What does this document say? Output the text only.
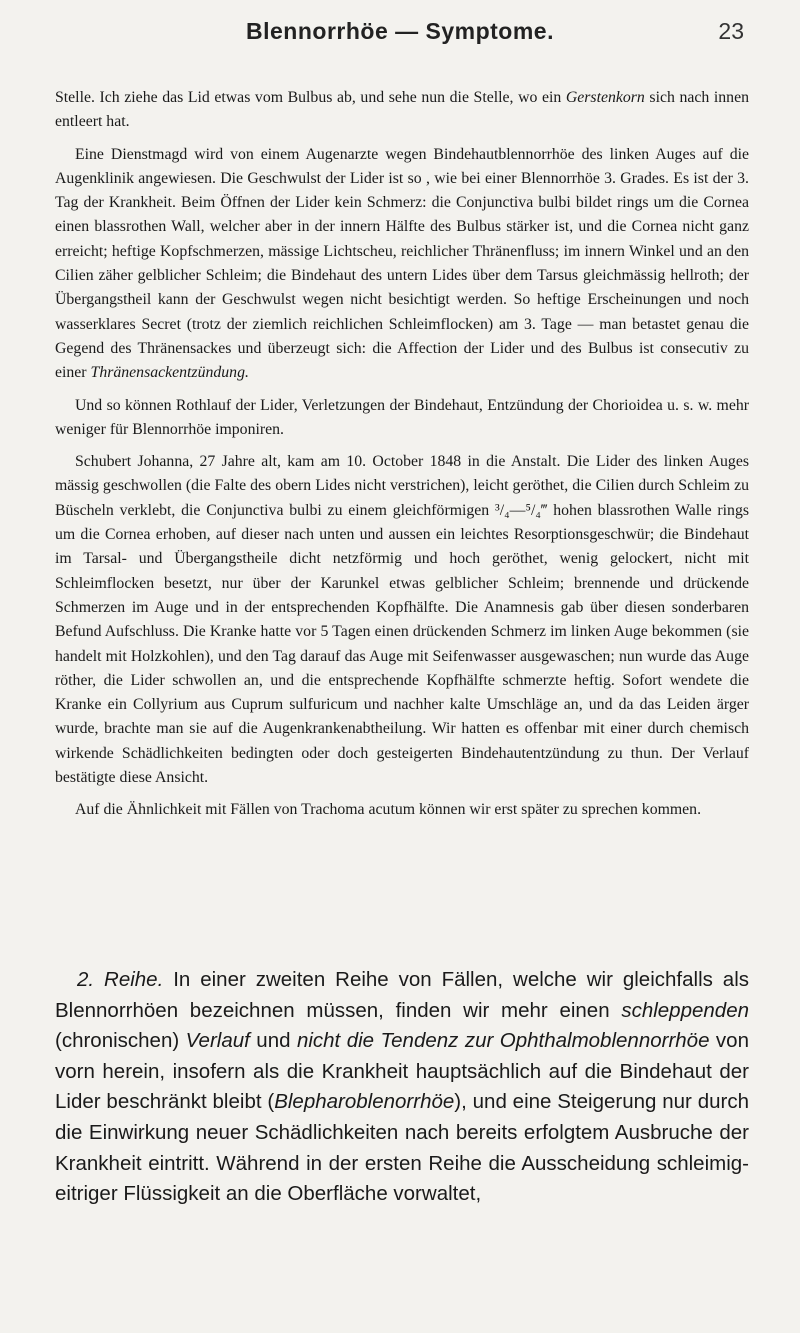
Blennorrhöe — Symptome.	23

Stelle. Ich ziehe das Lid etwas vom Bulbus ab, und sehe nun die Stelle, wo ein Gerstenkorn sich nach innen entleert hat.

Eine Dienstmagd wird von einem Augenarzte wegen Bindehautblennorrhöe des linken Auges auf die Augenklinik angewiesen. Die Geschwulst der Lider ist so , wie bei einer Blennorrhöe 3. Grades. Es ist der 3. Tag der Krankheit. Beim Öffnen der Lider kein Schmerz: die Conjunctiva bulbi bildet rings um die Cornea einen blassrothen Wall, welcher aber in der innern Hälfte des Bulbus stärker ist, und die Cornea nicht ganz erreicht; heftige Kopfschmerzen, mässige Lichtscheu, reichlicher Thränenfluss; im innern Winkel und an den Cilien zäher gelblicher Schleim; die Bindehaut des untern Lides über dem Tarsus gleichmässig hellroth; der Übergangstheil kann der Geschwulst wegen nicht besichtigt werden. So heftige Erscheinungen und noch wasserklares Secret (trotz der ziemlich reichlichen Schleimflocken) am 3. Tage — man betastet genau die Gegend des Thränensackes und überzeugt sich: die Affection der Lider und des Bulbus ist consecutiv zu einer Thränensackentzündung.

Und so können Rothlauf der Lider, Verletzungen der Bindehaut, Entzündung der Chorioidea u. s. w. mehr weniger für Blennorrhöe imponiren.

Schubert Johanna, 27 Jahre alt, kam am 10. October 1848 in die Anstalt. Die Lider des linken Auges mässig geschwollen (die Falte des obern Lides nicht verstrichen), leicht geröthet, die Cilien durch Schleim zu Büscheln verklebt, die Conjunctiva bulbi zu einem gleichförmigen ³/₄—⁵/₄‴ hohen blassrothen Walle rings um die Cornea erhoben, auf dieser nach unten und aussen ein leichtes Resorptionsgeschwür; die Bindehaut im Tarsal- und Übergangstheile dicht netzförmig und hoch geröthet, wenig gelockert, nicht mit Schleimflocken besetzt, nur über der Karunkel etwas gelblicher Schleim; brennende und drückende Schmerzen im Auge und in der entsprechenden Kopfhälfte. Die Anamnesis gab über diesen sonderbaren Befund Aufschluss. Die Kranke hatte vor 5 Tagen einen drückenden Schmerz im linken Auge bekommen (sie handelt mit Holzkohlen), und den Tag darauf das Auge mit Seifenwasser ausgewaschen; nun wurde das Auge röther, die Lider schwollen an, und die entsprechende Kopfhälfte schmerzte heftig. Sofort wendete die Kranke ein Collyrium aus Cuprum sulfuricum und nachher kalte Umschläge an, und da das Leiden ärger wurde, brachte man sie auf die Augenkrankenabtheilung. Wir hatten es offenbar mit einer durch chemisch wirkende Schädlichkeiten bedingten oder doch gesteigerten Bindehautentzündung zu thun. Der Verlauf bestätigte diese Ansicht.

Auf die Ähnlichkeit mit Fällen von Trachoma acutum können wir erst später zu sprechen kommen.

2. Reihe. In einer zweiten Reihe von Fällen, welche wir gleichfalls als Blennorrhöen bezeichnen müssen, finden wir mehr einen schleppenden (chronischen) Verlauf und nicht die Tendenz zur Ophthalmoblennorrhöe von vorn herein, insofern als die Krankheit hauptsächlich auf die Bindehaut der Lider beschränkt bleibt (Blepharoblenorrhöe), und eine Steigerung nur durch die Einwirkung neuer Schädlichkeiten nach bereits erfolgtem Ausbruche der Krankheit eintritt. Während in der ersten Reihe die Ausscheidung schleimig-eitriger Flüssigkeit an die Oberfläche vorwaltet,
